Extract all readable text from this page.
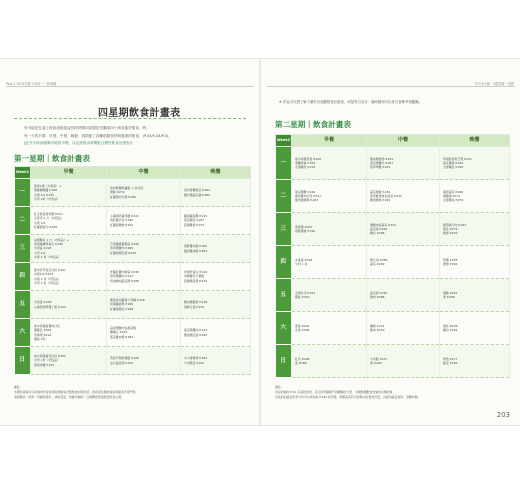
Part 2 2019年度入育和一一營養膳
四星期飲食計畫表
有可能是忙碌上班族這段迎接你的時間四星期的先攝取四十到食能好幫食，時，
每一天的只要：早餐、中餐、晚餐，再搭配了四種項類食材與健康的飲食，(P.33/5.34/P.3)，
[此外不再卻錯喝可能的早餐，以及該經由時間配合變性飲食計畫表!]
第一星期｜飲食計畫表
Week1	早餐	中餐	晚餐
一	燕麥1個（半燕麥）+
果綠麵麵醬 P.208
水果 1/2 P.253
牛奶 1杯（市售品）	香料鮮雞餅蓋飯 + 起司培
根捲 P.239
紅蘿蔔肉片湯 P.286	香料鮮雞飯菜 P.284
鍋式燉蔬菜鍋 P.289
二	紅豆燕麥排骨粥 P.227
全麥可 2 片（市售品）
水果 1/2
紅蘿蔔蛋片 P.228	小番茄吃番茄雞 P.221
馬鈴薯沙拉 P.230
紅蘿蔔燉物 P.202	醬煮蘑菇雞 P.215
菠菜麵包 P.267
菇類雞湯 P.279
三	法國麵包 1 片（市售品）+
黑胡椒燒烤南瓜 P.290
水果蛋 P.228
牛奶 1/2
水果 1 份（市售品）	芒果醬燉黃蝦菜 P.228
香草燉雞肉 P.260
紅蘿蔔燉菜湯 P.236	海鮮雞肉湯 P.260
醬煮雞排飯 P.281
四	甜米洋芋南瓜沙拉 P.227
水果1/2 P.253
水梨 1 份（市售品）
牛奶 1 份（市售品）	炸醬紅雞肉燉菜 P.239
香草燉雞肉 P.213
奶油燒肉蔬菜湯 P.288	洋蔥炒蛋白 P.210
肉燒雞包子燉飯
菇類燉菜湯 P.279
五	水果蛋 P.228
小番茄焗烤雞丁飯 P.264	番茄香肉醬義大利麵 P.236
和風蘿蔔湯 P.286
紅蘿蔔燉菜 P.288	雞肉燉飯湯 P.218
海鮮豆腐 P.270
六	地中海風格雞肉沙拉
優酪乳 P.305
奇異果 P.224
優格 1份	蒜香燉雞肉佐甜菜飯
鷹嘴豆 P.253
菠菜雞肉湯 P.284	菠菜燉雞肉 P.233
雞蛋燉豆腐 P.265
日	地中海風番茄沙拉 P.305
牛奶 1份（市售品）
燕麥拿鐵 P.225	西班牙海鮮燉飯 P.268
法式蔬菜湯 P.250	牛小排燒烤 P.284
牛肉燉菜 P.292
備註：
多選的菜餚可以用豬肉代替或用的健康易自製熟食的部位替，我希望及調控者從營養為外部門部，
清爽麵包一紙用一份麵等量計，或的菜量、營養均衡的，以推薦按照搭配的飲食主餐。
每天3分鐘・4週菜餚・美麗
※ 你也可以想了解下優於以規劃飲食計畫表，或是每日身分：隨時隨刻可以身分食參考相關團。
第二星期｜飲食計畫表
Week2	早餐	中餐	晚餐
一	地中海風烘蛋 P.228
黑糖核桃 P.259
全麥麵包 P.218	雞肉燉飯湯 P.239
菠菜燉雞肉 P.261
香草烤雞 P.225	烤豬肋排佐芒果 P.251
蔬菜燉湯 P.283
全麥麵包 P.258
二	甜菜燉雞 P.216
番茄雞肉沙拉 P.217
雞肉燉鍋湯 P.263	蔬菜燉飯 P.234
香煎鮭魚排佐菠菜 P.233
雞肉燉湯 P.269	番茄蛋花 P.260
燉雞湯 P.271
全麥麵包 P.276
三	燕麥粥 P.307
香蕉優格 P.316	燉雞肉佐蔬菜 P.232
蔬菜湯 P.281
麵包 P.298	番茄燉牛肉 P.263
燉菜 P.276
雞湯 P.299
四	水煮蛋 P.306
牛奶 1 杯	燉牛肉 P.289
蔬菜 P.290	烤雞 P.295
濃湯 P.292
五	全麥吐司 P.214
優格 P.303	蔬菜湯 P.290
燉肉 P.288	燒雞 P.291
湯 P.298
六	燕麥 P.291
水果 P.296	麵條 P.231
雞肉 P.250	燉菜 P.236
麵包 P.294
日	吐司 P.296
蛋 P.268	牛肉飯 P.237
湯 P.290	烤魚 P.277
蔬菜 P.283
備註：
身菜的豬肉 P.14 及高熱量肉，且可使用麵類不同種類的分量，可調整變動食材豬肉以類的資，
身菜的的蔬菜的身分均可以食物菜 P.292 的份量，調整高菜料可按照中的食材份量，也能和蔬菜食料，身體均衡。
203
